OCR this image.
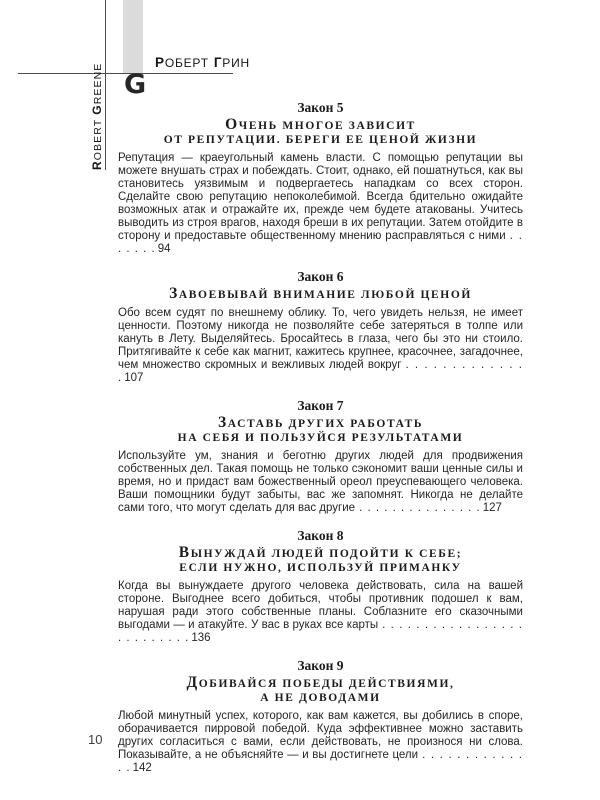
РОБЕРТ ГРИН
G
ROBERTGREENE
Закон 5
ОЧЕНЬ МНОГОЕ ЗАВИСИТ
ОТ РЕПУТАЦИИ. БЕРЕГИ ЕЕ ЦЕНОЙ ЖИЗНИ

Репутация — краеугольный камень власти. С помощью репутации вы можете внушать страх и побеждать. Стоит, однако, ей пошатнуться, как вы становитесь уязвимым и подвергаетесь нападкам со всех сторон. Сделайте свою репутацию непоколебимой. Всегда бдительно ожидайте возможных атак и отражайте их, прежде чем будете атакованы. Учитесь выводить из строя врагов, находя бреши в их репутации. Затем отойдите в сторону и предоставьте общественному мнению расправляться с ними . . . . . . . 94

Закон 6
ЗАВОЕВЫВАЙ ВНИМАНИЕ ЛЮБОЙ ЦЕНОЙ

Обо всем судят по внешнему облику. То, чего увидеть нельзя, не имеет ценности. Поэтому никогда не позволяйте себе затеряться в толпе или кануть в Лету. Выделяйтесь. Бросайтесь в глаза, чего бы это ни стоило. Притягивайте к себе как магнит, кажитесь крупнее, красочнее, загадочнее, чем множество скромных и вежливых людей вокруг . . . . . . . . . . . . . . 107

Закон 7
ЗАСТАВЬ ДРУГИХ РАБОТАТЬ
НА СЕБЯ И ПОЛЬЗУЙСЯ РЕЗУЛЬТАТАМИ

Используйте ум, знания и беготню других людей для продвижения собственных дел. Такая помощь не только сэкономит ваши ценные силы и время, но и придаст вам божественный ореол преуспевающего человека. Ваши помощники будут забыты, вас же запомнят. Никогда не делайте сами того, что могут сделать для вас другие . . . . . . . . . . . . . . . 127

Закон 8
ВЫНУЖДАЙ ЛЮДЕЙ ПОДОЙТИ К СЕБЕ;
ЕСЛИ НУЖНО, ИСПОЛЬЗУЙ ПРИМАНКУ

Когда вы вынуждаете другого человека действовать, сила на вашей стороне. Выгоднее всего добиться, чтобы противник подошел к вам, нарушая ради этого собственные планы. Соблазните его сказочными выгодами — и атакуйте. У вас в руках все карты . . . . . . . . . . . . . . . . . . . . . . . . . . 136

Закон 9
ДОБИВАЙСЯ ПОБЕДЫ ДЕЙСТВИЯМИ,
А НЕ ДОВОДАМИ

Любой минутный успех, которого, как вам кажется, вы добились в споре, оборачивается пирровой победой. Куда эффективнее можно заставить других согласиться с вами, если действовать, не произнося ни слова. Показывайте, а не объясняйте — и вы достигнете цели . . . . . . . . . . . . . . 142

10
